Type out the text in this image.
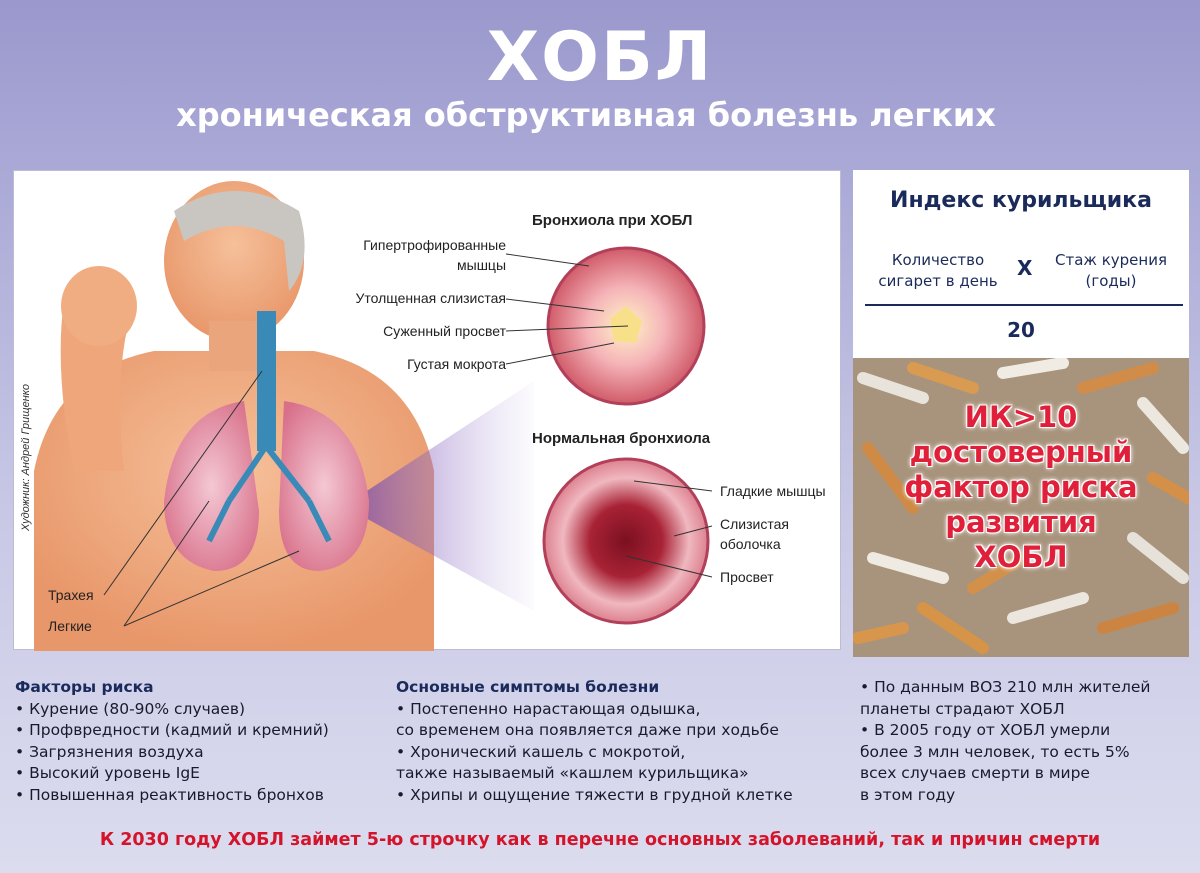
ХОБЛ
хроническая обструктивная болезнь легких
Художник: Андрей Грищенко
Бронхиола при ХОБЛ
Гипертрофированные
мышцы
Утолщенная слизистая
Суженный просвет
Густая мокрота
Нормальная бронхиола
Гладкие мышцы
Слизистая
оболочка
Просвет
Трахея
Легкие
Индекс курильщика
Количество
сигарет в день
X	Стаж курения
(годы)
20
ИК>10
достоверный
фактор риска
развития
ХОБЛ
Факторы риска
• Курение (80-90% случаев)
• Профвредности (кадмий и кремний)
• Загрязнения воздуха
• Высокий уровень IgE
• Повышенная реактивность бронхов
Основные симптомы болезни
• Постепенно нарастающая одышка,
со временем она появляется даже при ходьбе
• Хронический кашель с мокротой,
также называемый «кашлем курильщика»
• Хрипы и ощущение тяжести в грудной клетке
• По данным ВОЗ 210 млн жителей
планеты страдают ХОБЛ
• В 2005 году от ХОБЛ умерли
более 3 млн человек, то есть 5%
всех случаев смерти в мире
в этом году
К 2030 году ХОБЛ займет 5-ю строчку как в перечне основных заболеваний, так и причин смерти
